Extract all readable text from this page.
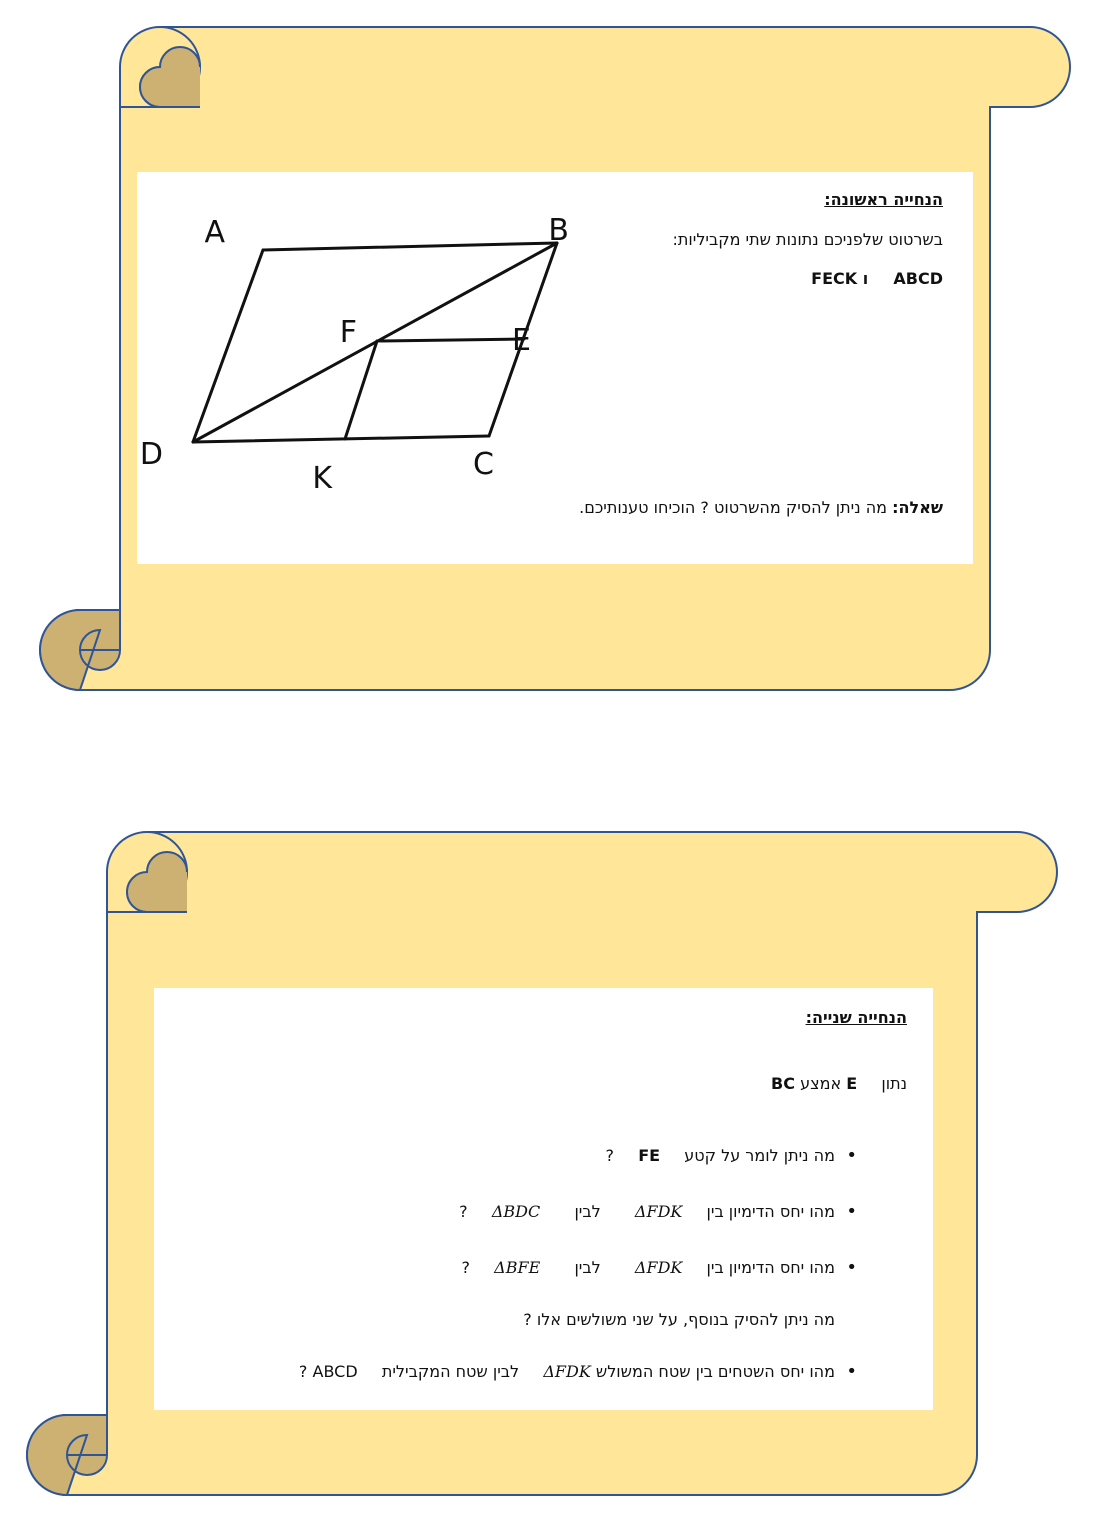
הנחייה ראשונה:
בשרטוט שלפניכם נתונות שתי מקביליות:
ABCD  ו FECK
שאלה: מה ניתן להסיק מהשרטוט ? הוכיחו טענותיכם.
A	B
C
D
E
F
K
הנחייה שנייה:
נתון  E אמצע BC
• מה ניתן לומר על קטע  FE  ?
• מהו יחס הדימיון בין  ΔFDK  לבין  ΔBDC  ?
• מהו יחס הדימיון בין  ΔFDK  לבין  ΔBFE  ?
מה ניתן להסיק בנוסף, על שני משולשים אלו ?
• מהו יחס השטחים בין שטח המשולש ΔFDK  לבין שטח המקבילית  ABCD ?
